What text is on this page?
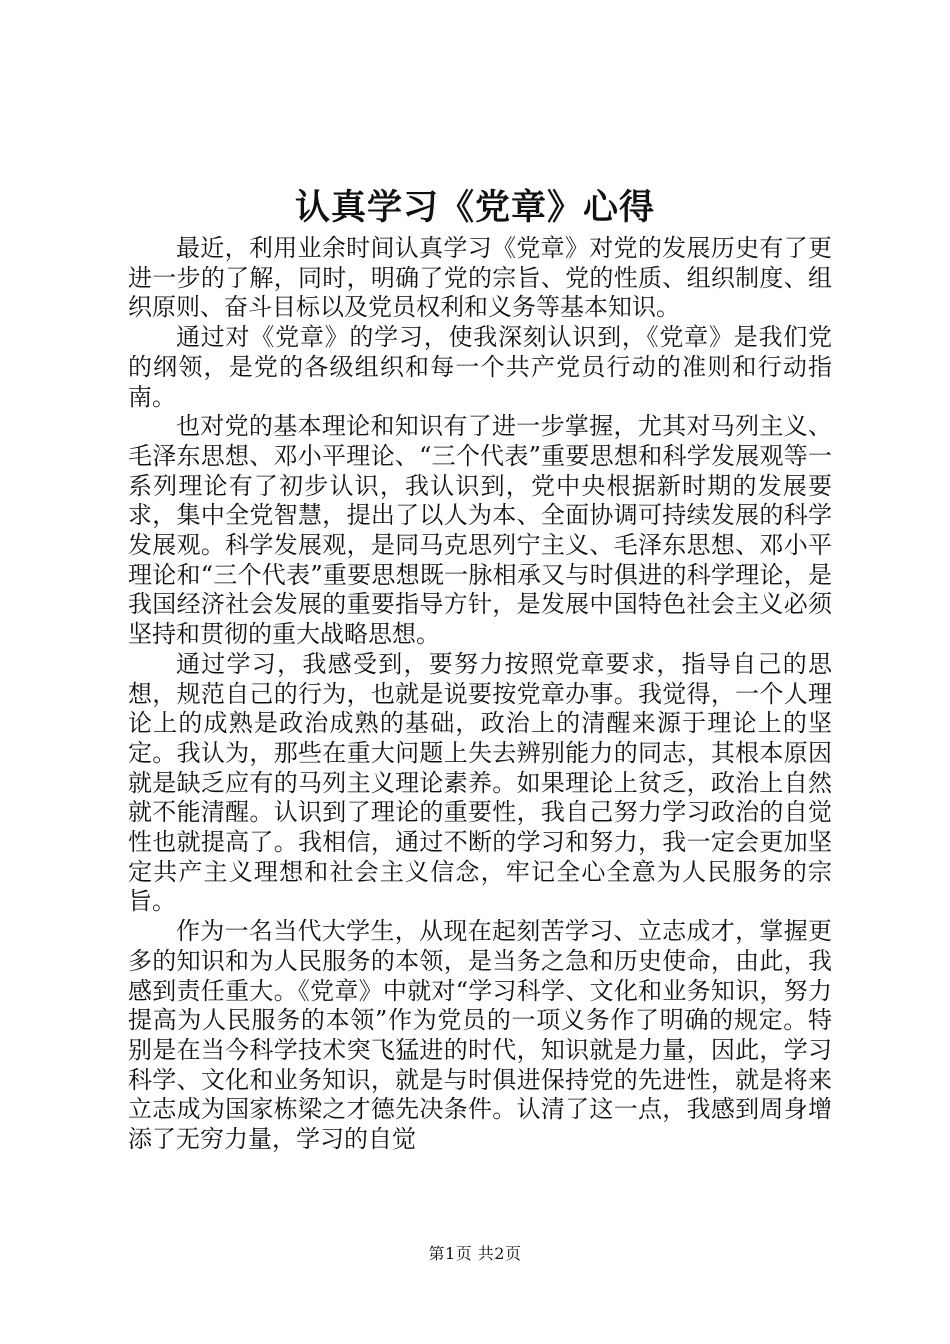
认真学习《党章》心得

最近，利用业余时间认真学习《党章》对党的发展历史有了更进一步的了解，同时，明确了党的宗旨、党的性质、组织制度、组织原则、奋斗目标以及党员权利和义务等基本知识。

通过对《党章》的学习，使我深刻认识到，《党章》是我们党的纲领，是党的各级组织和每一个共产党员行动的准则和行动指南。

也对党的基本理论和知识有了进一步掌握，尤其对马列主义、毛泽东思想、邓小平理论、“三个代表”重要思想和科学发展观等一系列理论有了初步认识，我认识到，党中央根据新时期的发展要求，集中全党智慧，提出了以人为本、全面协调可持续发展的科学发展观。科学发展观，是同马克思列宁主义、毛泽东思想、邓小平理论和“三个代表”重要思想既一脉相承又与时俱进的科学理论，是我国经济社会发展的重要指导方针，是发展中国特色社会主义必须坚持和贯彻的重大战略思想。

通过学习，我感受到，要努力按照党章要求，指导自己的思想，规范自己的行为，也就是说要按党章办事。我觉得，一个人理论上的成熟是政治成熟的基础，政治上的清醒来源于理论上的坚定。我认为，那些在重大问题上失去辨别能力的同志，其根本原因就是缺乏应有的马列主义理论素养。如果理论上贫乏，政治上自然就不能清醒。认识到了理论的重要性，我自己努力学习政治的自觉性也就提高了。我相信，通过不断的学习和努力，我一定会更加坚定共产主义理想和社会主义信念，牢记全心全意为人民服务的宗旨。

作为一名当代大学生，从现在起刻苦学习、立志成才，掌握更多的知识和为人民服务的本领，是当务之急和历史使命，由此，我感到责任重大。《党章》中就对“学习科学、文化和业务知识，努力提高为人民服务的本领”作为党员的一项义务作了明确的规定。特别是在当今科学技术突飞猛进的时代，知识就是力量，因此，学习科学、文化和业务知识，就是与时俱进保持党的先进性，就是将来立志成为国家栋梁之才德先决条件。认清了这一点，我感到周身增添了无穷力量，学习的自觉

第1页 共2页
